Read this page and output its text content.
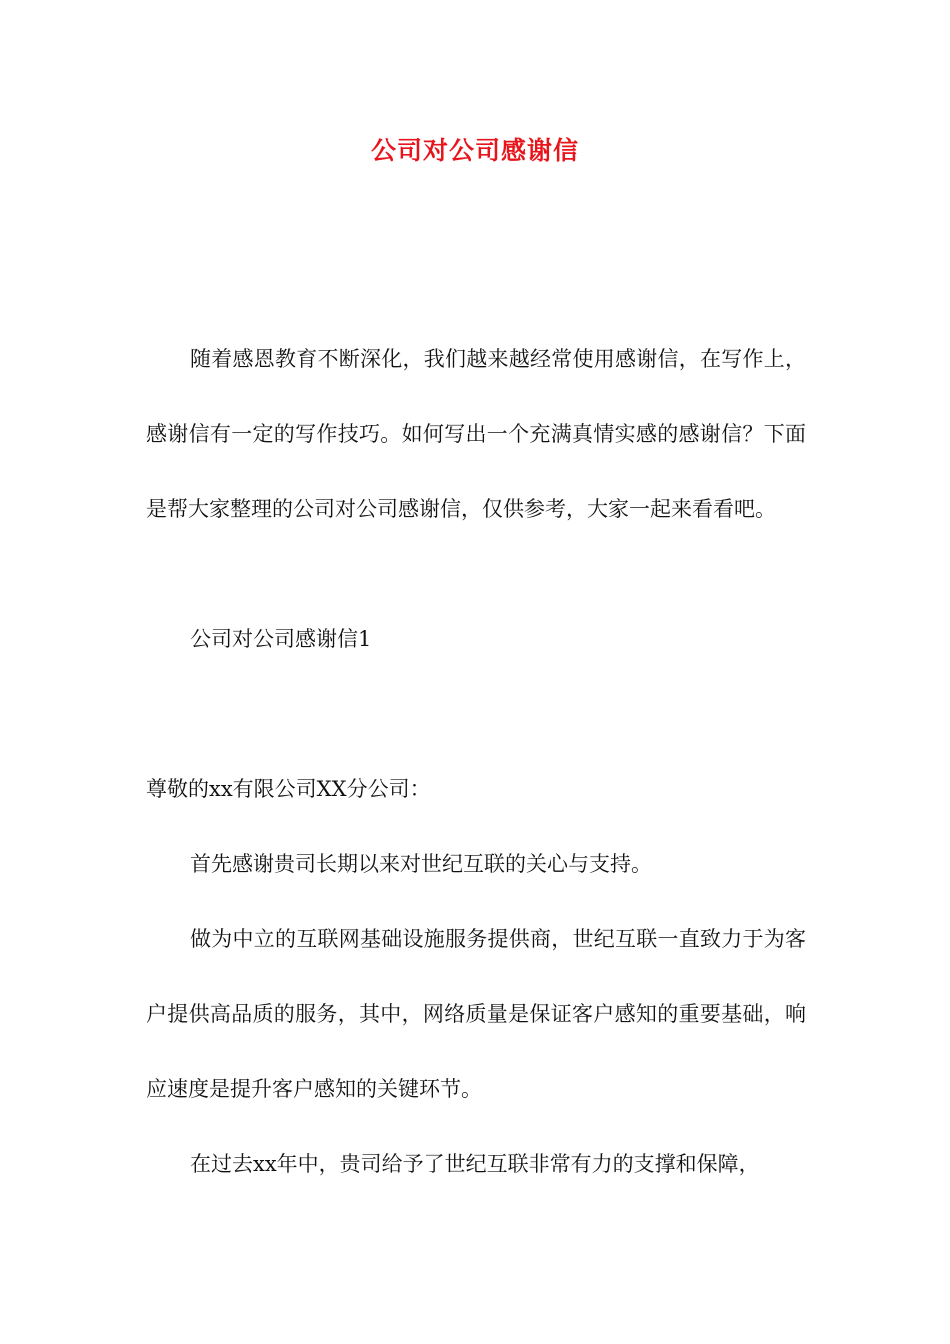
公司对公司感谢信
随着感恩教育不断深化，我们越来越经常使用感谢信，在写作上，感谢信有一定的写作技巧。如何写出一个充满真情实感的感谢信？下面是帮大家整理的公司对公司感谢信，仅供参考，大家一起来看看吧。
公司对公司感谢信1
尊敬的xx有限公司XX分公司：
首先感谢贵司长期以来对世纪互联的关心与支持。
做为中立的互联网基础设施服务提供商，世纪互联一直致力于为客户提供高品质的服务，其中，网络质量是保证客户感知的重要基础，响应速度是提升客户感知的关键环节。
在过去xx年中，贵司给予了世纪互联非常有力的支撑和保障，
